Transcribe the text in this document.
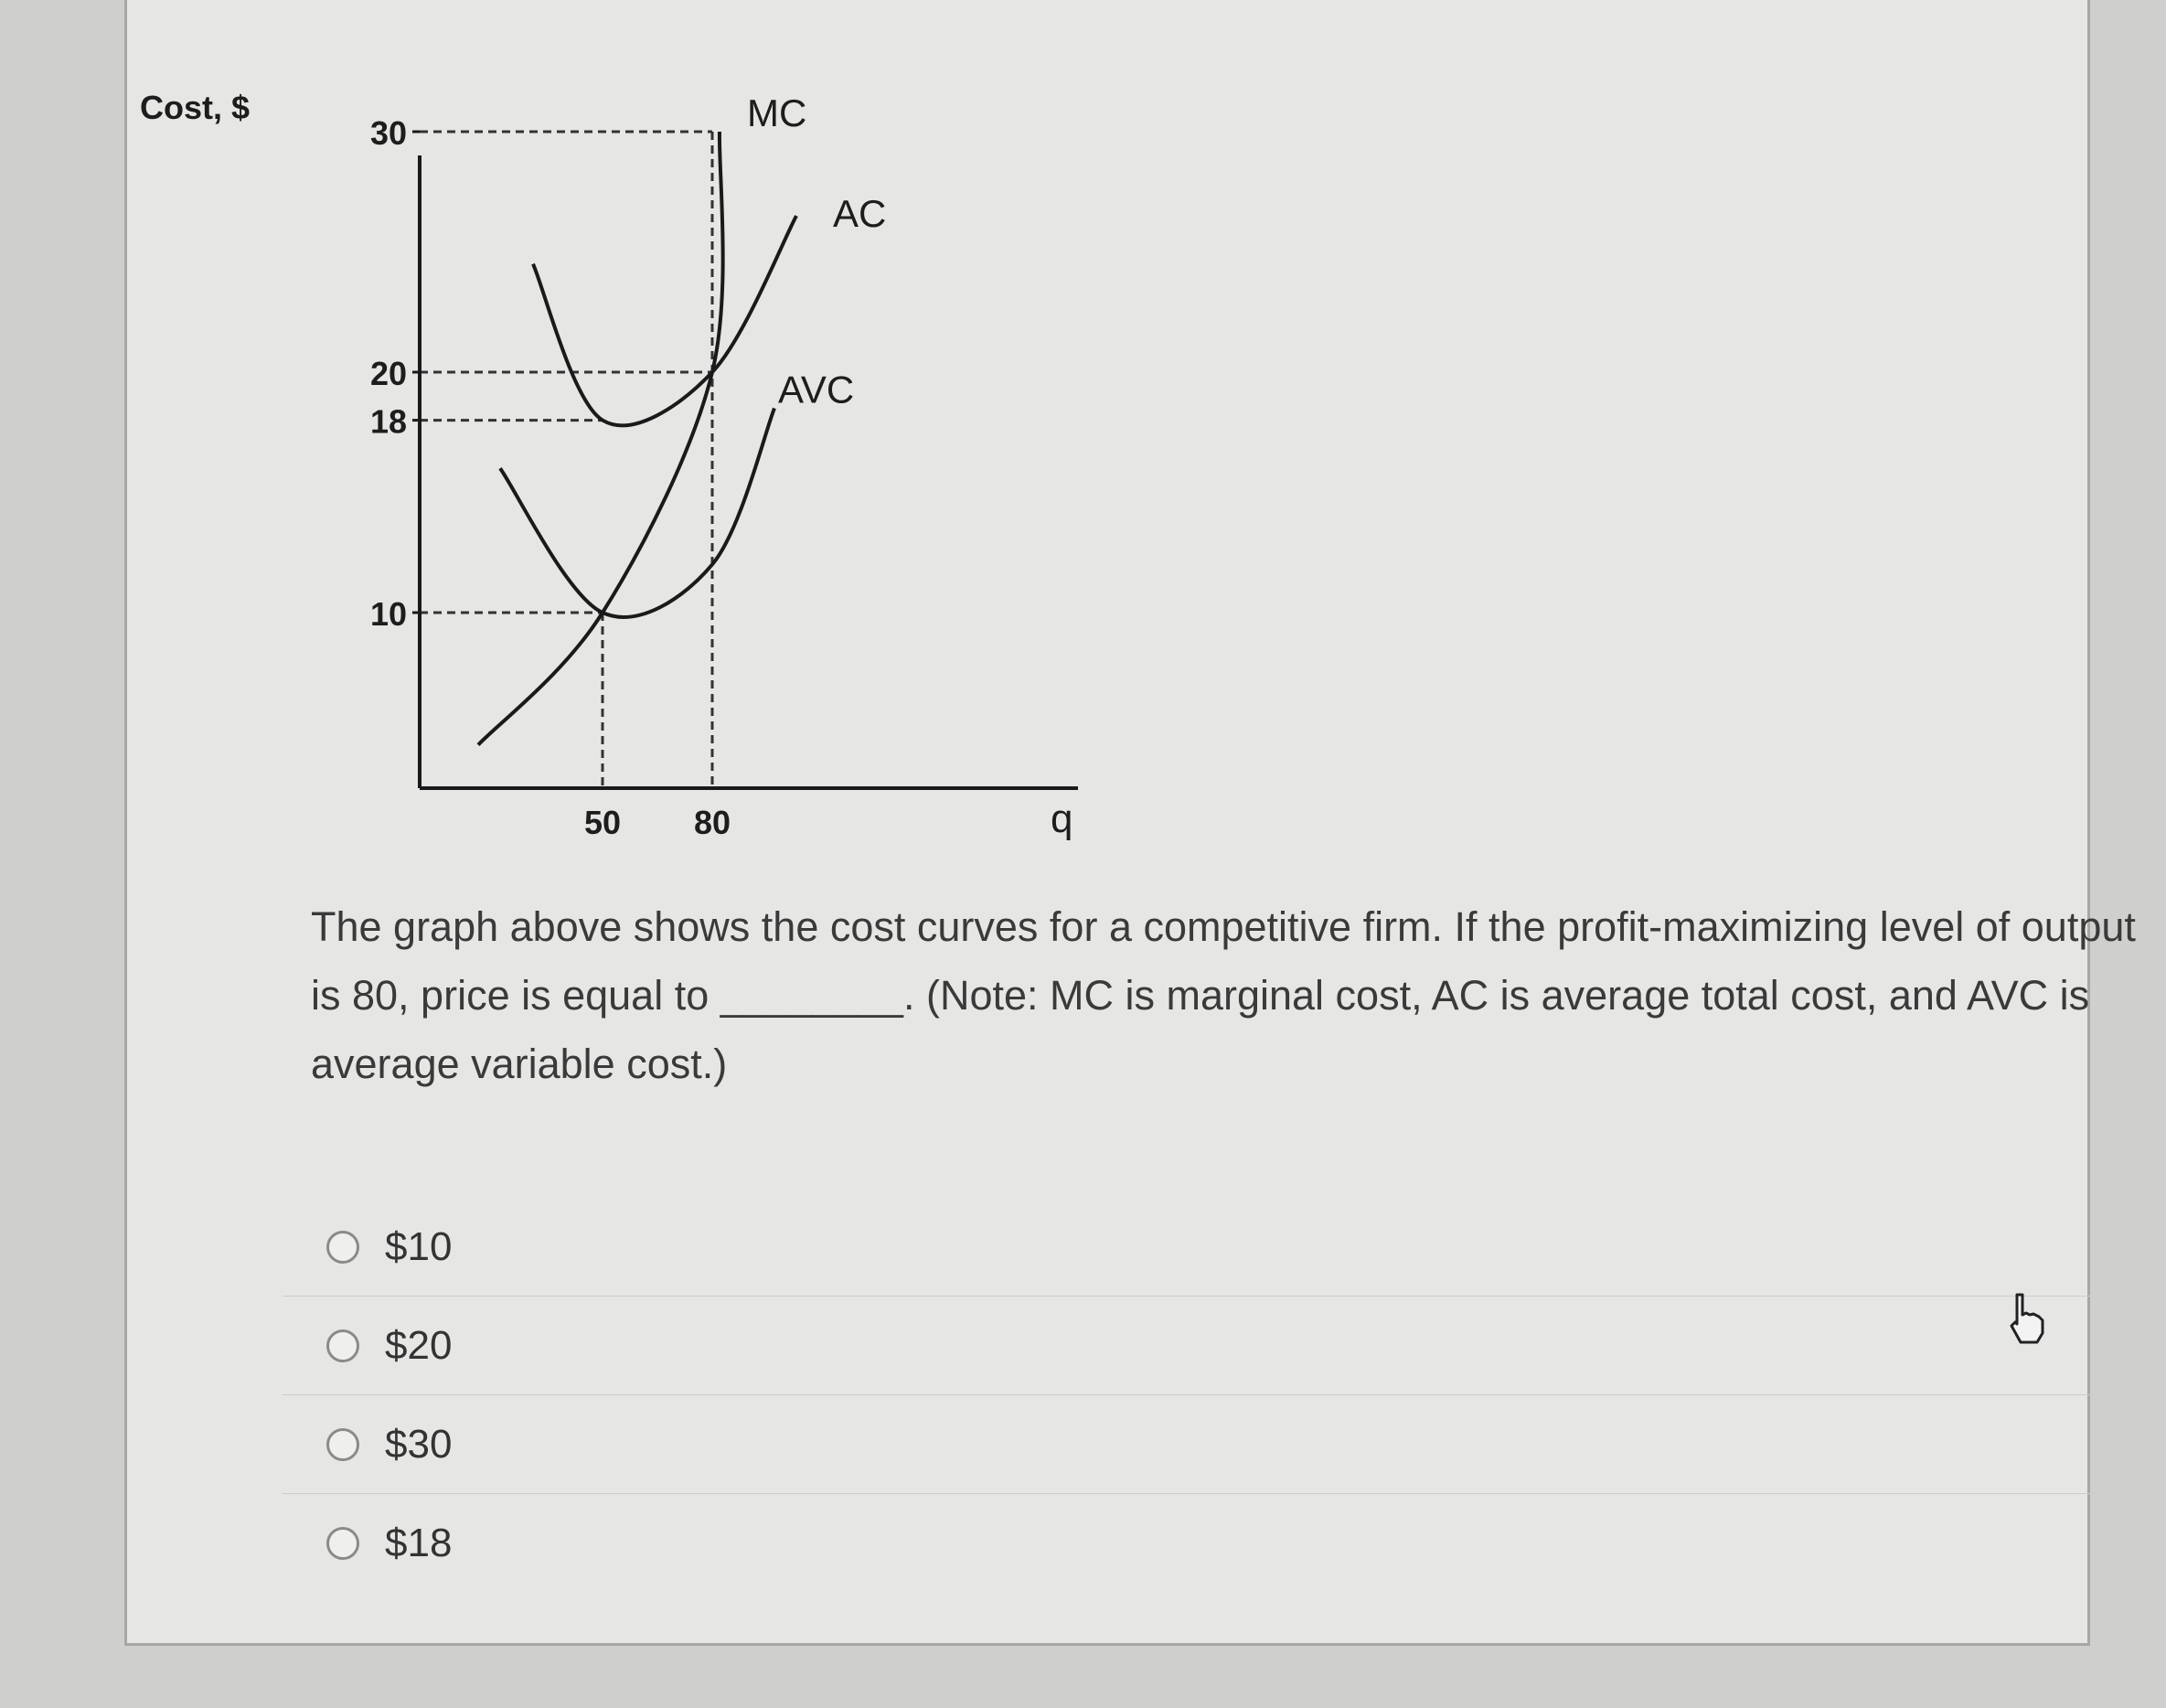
Cost, $
30
20
18
10
50 80
MC
AC
AVC
q
The graph above shows the cost curves for a competitive firm. If the profit-maximizing level of output is 80, price is equal to ________. (Note: MC is marginal cost, AC is average total cost, and AVC is average variable cost.)
$10
$20
$30
$18
